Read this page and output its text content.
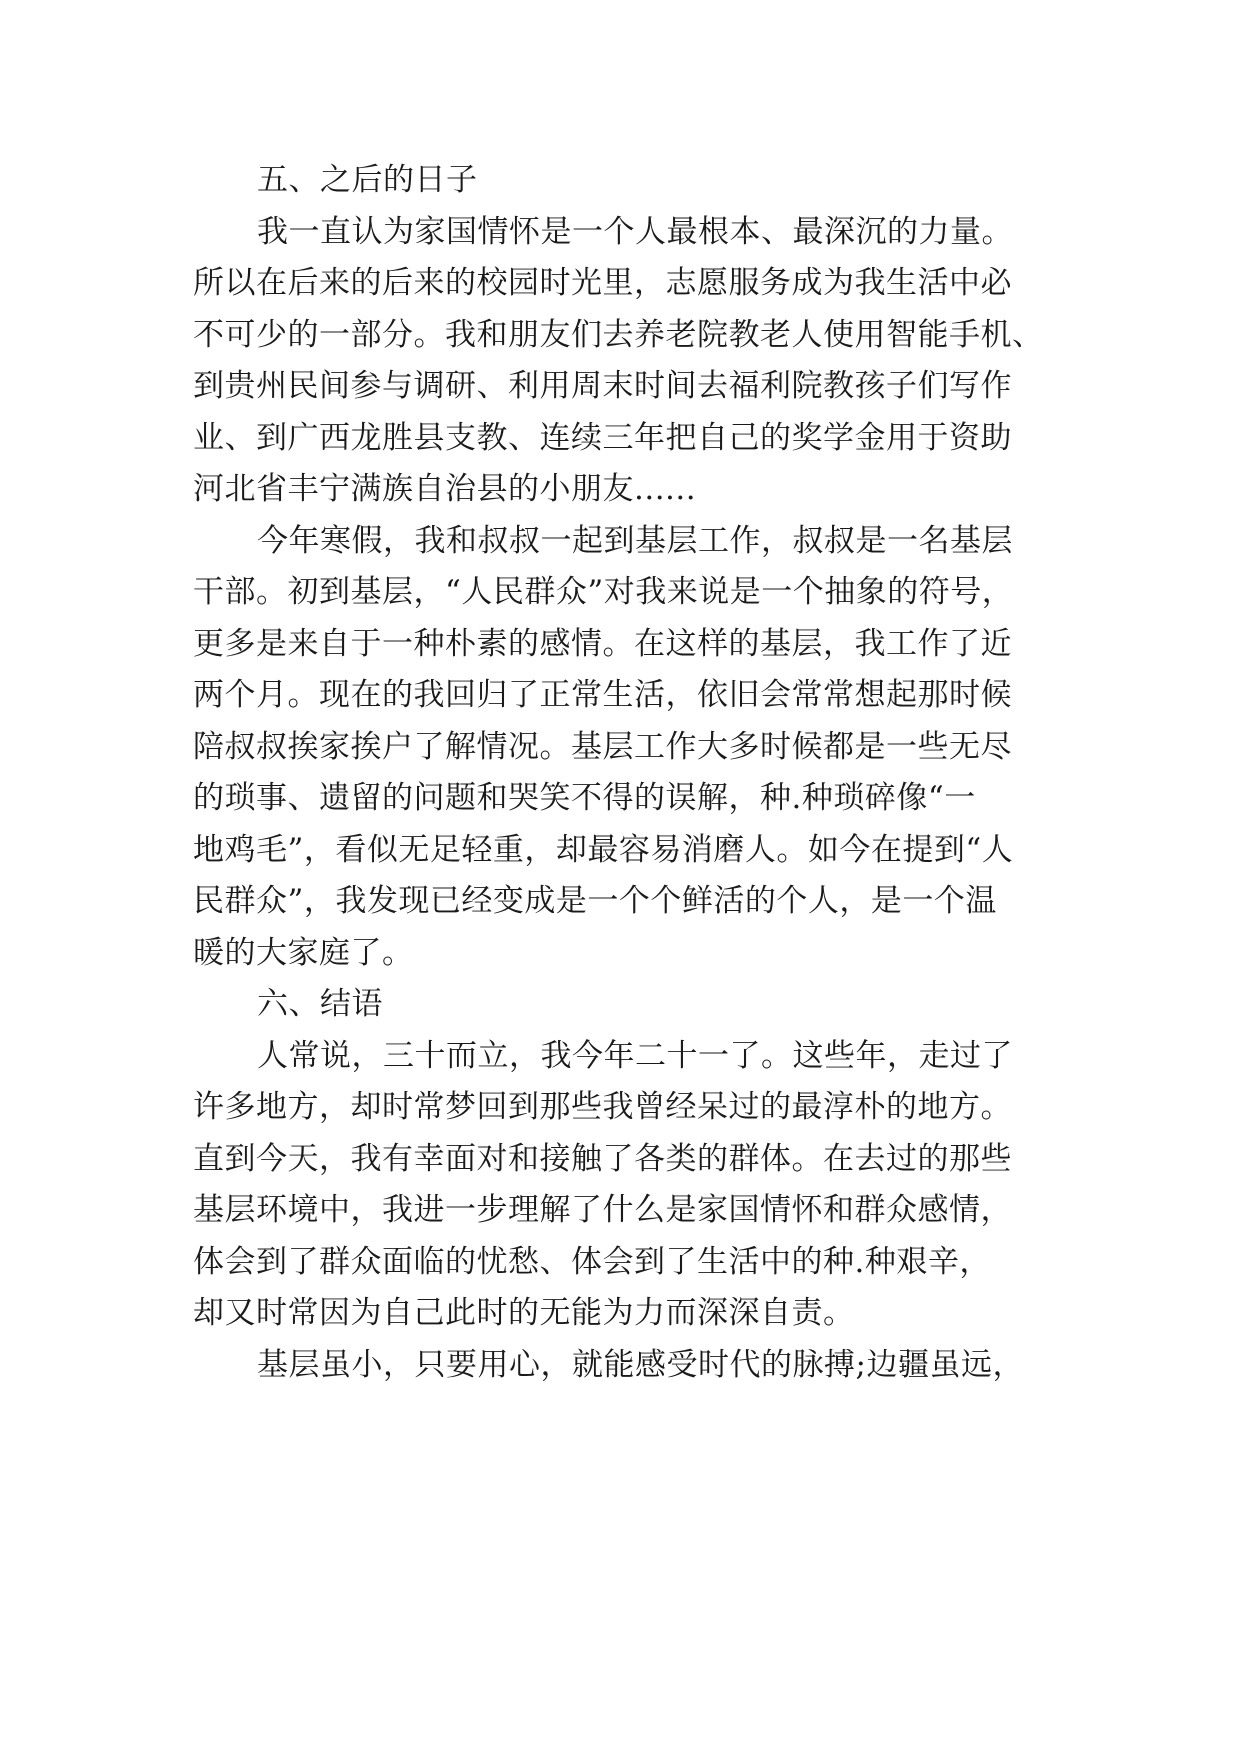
五、之后的日子
我一直认为家国情怀是一个人最根本、最深沉的力量。
所以在后来的后来的校园时光里，志愿服务成为我生活中必
不可少的一部分。我和朋友们去养老院教老人使用智能手机、
到贵州民间参与调研、利用周末时间去福利院教孩子们写作
业、到广西龙胜县支教、连续三年把自己的奖学金用于资助
河北省丰宁满族自治县的小朋友......
今年寒假，我和叔叔一起到基层工作，叔叔是一名基层
干部。初到基层，“人民群众”对我来说是一个抽象的符号，
更多是来自于一种朴素的感情。在这样的基层，我工作了近
两个月。现在的我回归了正常生活，依旧会常常想起那时候
陪叔叔挨家挨户了解情况。基层工作大多时候都是一些无尽
的琐事、遗留的问题和哭笑不得的误解，种.种琐碎像“一
地鸡毛”，看似无足轻重，却最容易消磨人。如今在提到“人
民群众”，我发现已经变成是一个个鲜活的个人，是一个温
暖的大家庭了。
六、结语
人常说，三十而立，我今年二十一了。这些年，走过了
许多地方，却时常梦回到那些我曾经呆过的最淳朴的地方。
直到今天，我有幸面对和接触了各类的群体。在去过的那些
基层环境中，我进一步理解了什么是家国情怀和群众感情，
体会到了群众面临的忧愁、体会到了生活中的种.种艰辛，
却又时常因为自己此时的无能为力而深深自责。
基层虽小，只要用心，就能感受时代的脉搏;边疆虽远，
